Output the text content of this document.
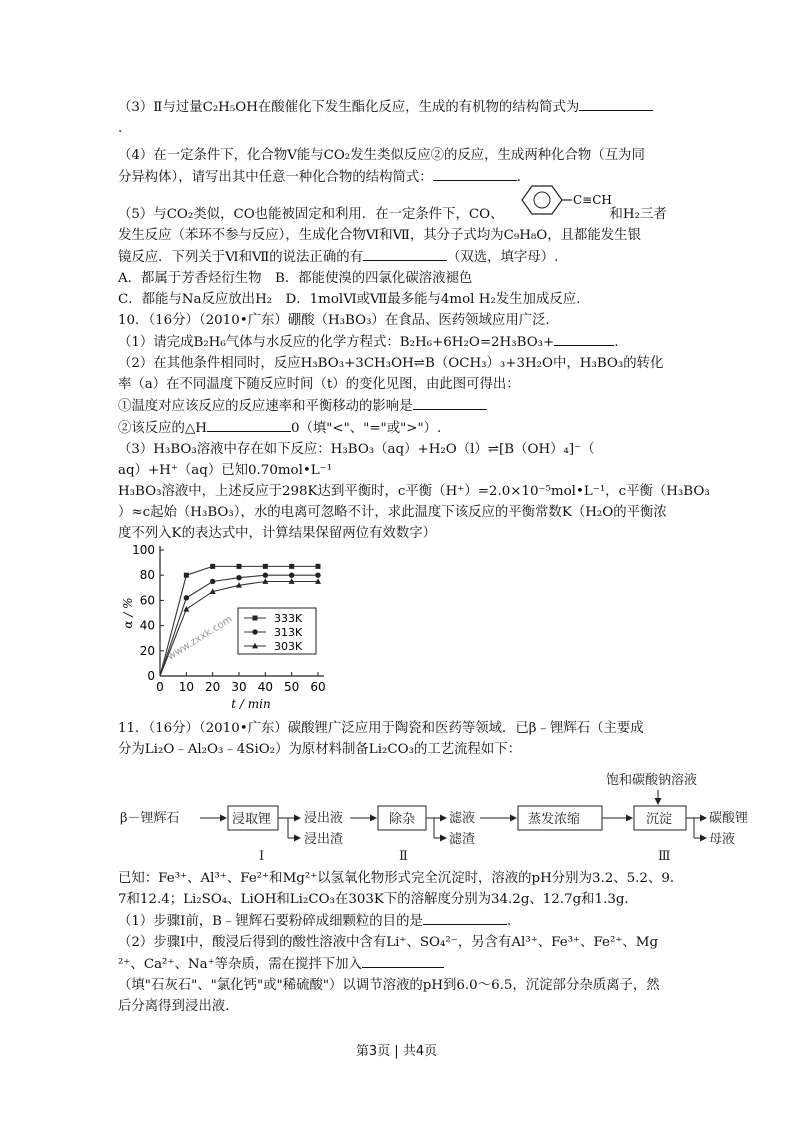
（3）Ⅱ与过量C₂H₅OH在酸催化下发生酯化反应，生成的有机物的结构简式为
.
（4）在一定条件下，化合物Ⅴ能与CO₂发生类似反应②的反应，生成两种化合物（互为同
分异构体），请写出其中任意一种化合物的结构简式：	.
（5）与CO₂类似，CO也能被固定和利用．在一定条件下，CO、	和H₂三者
发生反应（苯环不参与反应），生成化合物Ⅵ和Ⅶ，其分子式均为C₉H₈O，且都能发生银
镜反应．下列关于Ⅵ和Ⅶ的说法正确的有	（双选，填字母）.
A．都属于芳香烃衍生物　B．都能使溴的四氯化碳溶液褪色
C．都能与Na反应放出H₂　D．1molⅥ或Ⅶ最多能与4mol H₂发生加成反应.
10．（16分）（2010•广东）硼酸（H₃BO₃）在食品、医药领域应用广泛．
（1）请完成B₂H₆气体与水反应的化学方程式：B₂H₆+6H₂O=2H₃BO₃+	.
（2）在其他条件相同时，反应H₃BO₃+3CH₃OH⇌B（OCH₃）₃+3H₂O中，H₃BO₃的转化
率（a）在不同温度下随反应时间（t）的变化见图，由此图可得出：
①温度对应该反应的反应速率和平衡移动的影响是
②该反应的△H	0（填"<"、"="或">"）.
（3）H₃BO₃溶液中存在如下反应：H₃BO₃（aq）+H₂O（l）⇌[B（OH）₄]⁻（
aq）+H⁺（aq）已知0.70mol•L⁻¹
H₃BO₃溶液中，上述反应于298K达到平衡时，c平衡（H⁺）=2.0×10⁻⁵mol•L⁻¹，c平衡（H₃BO₃
）≈c起始（H₃BO₃），水的电离可忽略不计，求此温度下该反应的平衡常数K（H₂O的平衡浓
度不列入K的表达式中，计算结果保留两位有效数字）
C≡CH
0
20
40
60
80
100
0 10 20 30 40 50 60
t / min
α / %
www.zxxk.com	333K
313K
303K
11．（16分）（2010•广东）碳酸锂广泛应用于陶瓷和医药等领域．已β﹣锂辉石（主要成
分为Li₂O﹣Al₂O₃﹣4SiO₂）为原材料制备Li₂CO₃的工艺流程如下：
β－锂辉石	浸取锂	浸出液
浸出渣
Ⅰ
除杂	滤液
滤渣
Ⅱ
蒸发浓缩
饱和碳酸钠溶液
沉淀	碳酸锂
母液
Ⅲ
已知：Fe³⁺、Al³⁺、Fe²⁺和Mg²⁺以氢氧化物形式完全沉淀时，溶液的pH分别为3.2、5.2、9.
7和12.4；Li₂SO₄、LiOH和Li₂CO₃在303K下的溶解度分别为34.2g、12.7g和1.3g.
（1）步骤Ⅰ前，B﹣锂辉石要粉碎成细颗粒的目的是	.
（2）步骤Ⅰ中，酸浸后得到的酸性溶液中含有Li⁺、SO₄²⁻，另含有Al³⁺、Fe³⁺、Fe²⁺、Mg
²⁺、Ca²⁺、Na⁺等杂质，需在搅拌下加入
（填"石灰石"、"氯化钙"或"稀硫酸"）以调节溶液的pH到6.0～6.5，沉淀部分杂质离子，然
后分离得到浸出液.
第3页 | 共4页
